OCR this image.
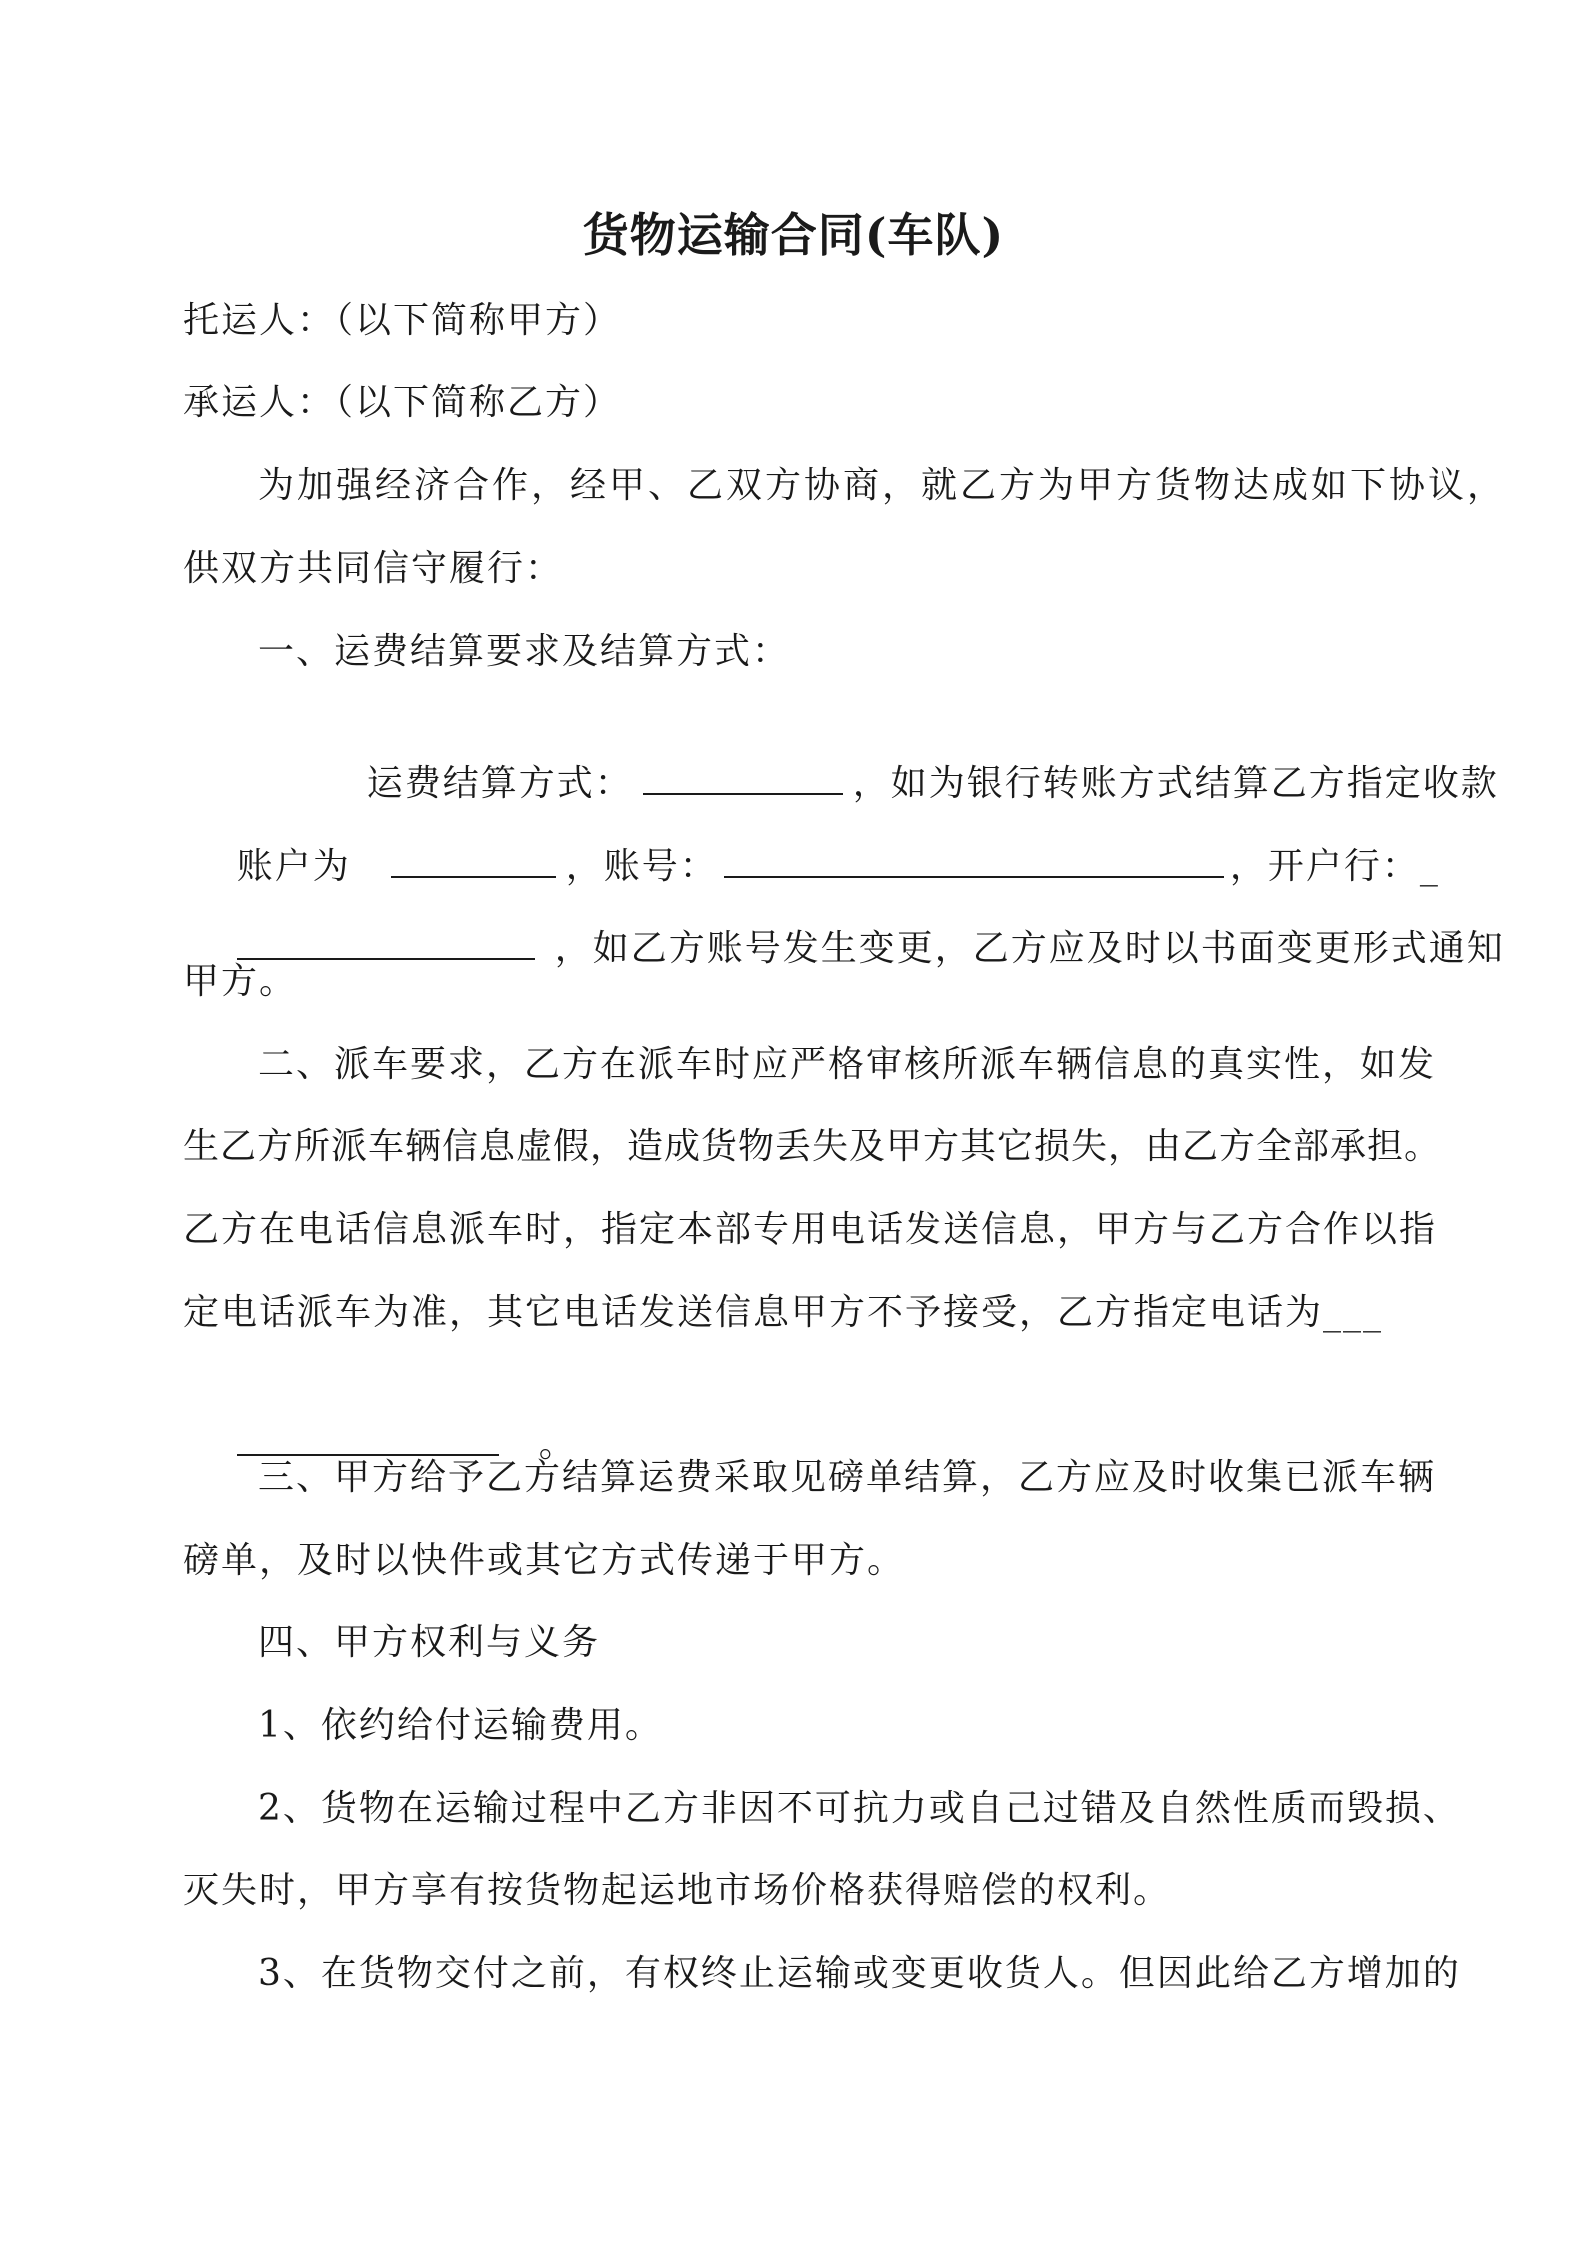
货物运输合同(车队)
托运人：（以下简称甲方）
承运人：（以下简称乙方）
为加强经济合作，经甲、乙双方协商，就乙方为甲方货物达成如下协议，
供双方共同信守履行：
一、运费结算要求及结算方式：

运费结算方式：	，如为银行转账方式结算乙方指定收款

账户为	，账号：	，开户行：_

，如乙方账号发生变更，乙方应及时以书面变更形式通知

甲方。
二、派车要求，乙方在派车时应严格审核所派车辆信息的真实性，如发
生乙方所派车辆信息虚假，造成货物丢失及甲方其它损失，由乙方全部承担。
乙方在电话信息派车时，指定本部专用电话发送信息，甲方与乙方合作以指
定电话派车为准，其它电话发送信息甲方不予接受，乙方指定电话为___

。

三、甲方给予乙方结算运费采取见磅单结算，乙方应及时收集已派车辆
磅单，及时以快件或其它方式传递于甲方。
四、甲方权利与义务
1、依约给付运输费用。
2、货物在运输过程中乙方非因不可抗力或自己过错及自然性质而毁损、
灭失时，甲方享有按货物起运地市场价格获得赔偿的权利。
3、在货物交付之前，有权终止运输或变更收货人。但因此给乙方增加的
